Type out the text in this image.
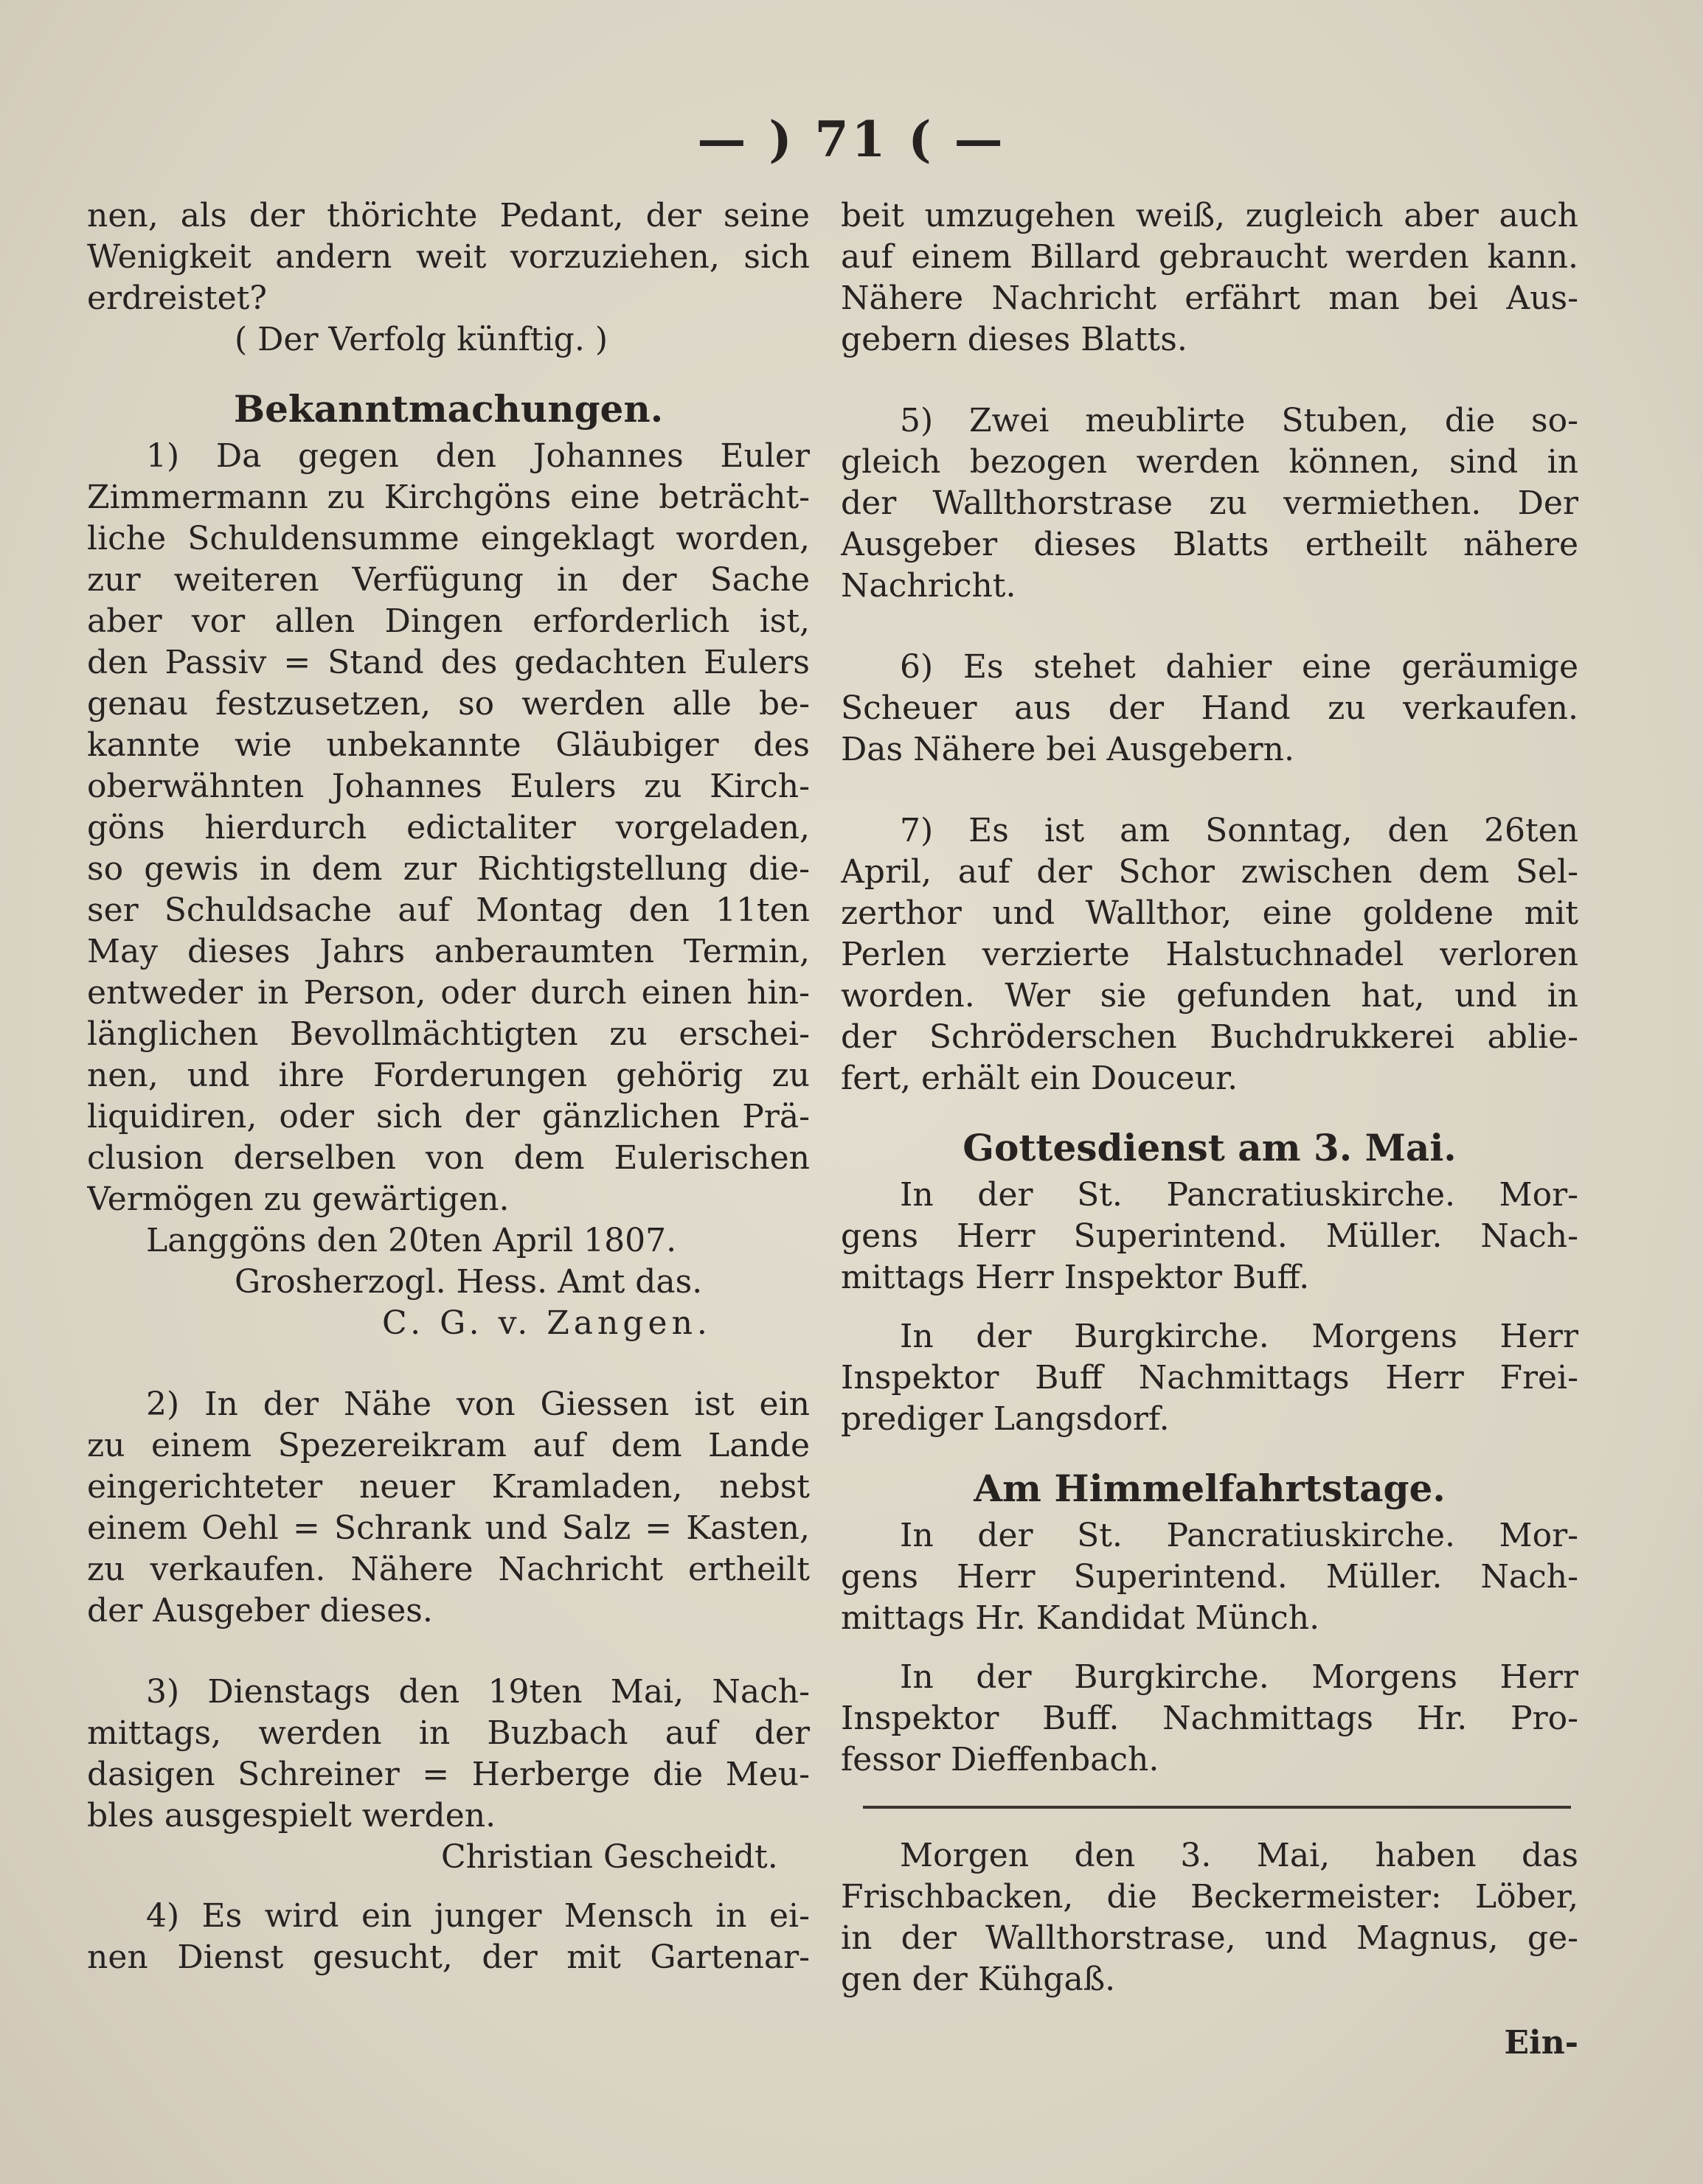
— ) 71 ( —
nen, als der thörichte Pedant, der seine
Wenigkeit andern weit vorzuziehen, sich
erdreistet?
( Der Verfolg künftig. )
Bekanntmachungen.
1) Da gegen den Johannes Euler
Zimmermann zu Kirchgöns eine beträcht-
liche Schuldensumme eingeklagt worden,
zur weiteren Verfügung in der Sache
aber vor allen Dingen erforderlich ist,
den Passiv = Stand des gedachten Eulers
genau festzusetzen, so werden alle be-
kannte wie unbekannte Gläubiger des
oberwähnten Johannes Eulers zu Kirch-
göns hierdurch edictaliter vorgeladen,
so gewis in dem zur Richtigstellung die-
ser Schuldsache auf Montag den 11ten
May dieses Jahrs anberaumten Termin,
entweder in Person, oder durch einen hin-
länglichen Bevollmächtigten zu erschei-
nen, und ihre Forderungen gehörig zu
liquidiren, oder sich der gänzlichen Prä-
clusion derselben von dem Eulerischen
Vermögen zu gewärtigen.
Langgöns den 20ten April 1807.
Grosherzogl. Hess. Amt das.
C. G. v. Zangen.
2) In der Nähe von Giessen ist ein
zu einem Spezereikram auf dem Lande
eingerichteter neuer Kramladen, nebst
einem Oehl = Schrank und Salz = Kasten,
zu verkaufen. Nähere Nachricht ertheilt
der Ausgeber dieses.
3) Dienstags den 19ten Mai, Nach-
mittags, werden in Buzbach auf der
dasigen Schreiner = Herberge die Meu-
bles ausgespielt werden.
Christian Gescheidt.
4) Es wird ein junger Mensch in ei-
nen Dienst gesucht, der mit Gartenar-
beit umzugehen weiß, zugleich aber auch
auf einem Billard gebraucht werden kann.
Nähere Nachricht erfährt man bei Aus-
gebern dieses Blatts.
5) Zwei meublirte Stuben, die so-
gleich bezogen werden können, sind in
der Wallthorstrase zu vermiethen. Der
Ausgeber dieses Blatts ertheilt nähere
Nachricht.
6) Es stehet dahier eine geräumige
Scheuer aus der Hand zu verkaufen.
Das Nähere bei Ausgebern.
7) Es ist am Sonntag, den 26ten
April, auf der Schor zwischen dem Sel-
zerthor und Wallthor, eine goldene mit
Perlen verzierte Halstuchnadel verloren
worden. Wer sie gefunden hat, und in
der Schröderschen Buchdrukkerei ablie-
fert, erhält ein Douceur.
Gottesdienst am 3. Mai.
In der St. Pancratiuskirche. Mor-
gens Herr Superintend. Müller. Nach-
mittags Herr Inspektor Buff.
In der Burgkirche. Morgens Herr
Inspektor Buff Nachmittags Herr Frei-
prediger Langsdorf.
Am Himmelfahrtstage.
In der St. Pancratiuskirche. Mor-
gens Herr Superintend. Müller. Nach-
mittags Hr. Kandidat Münch.
In der Burgkirche. Morgens Herr
Inspektor Buff. Nachmittags Hr. Pro-
fessor Dieffenbach.
Morgen den 3. Mai, haben das
Frischbacken, die Beckermeister: Löber,
in der Wallthorstrase, und Magnus, ge-
gen der Kühgaß.
Ein-
